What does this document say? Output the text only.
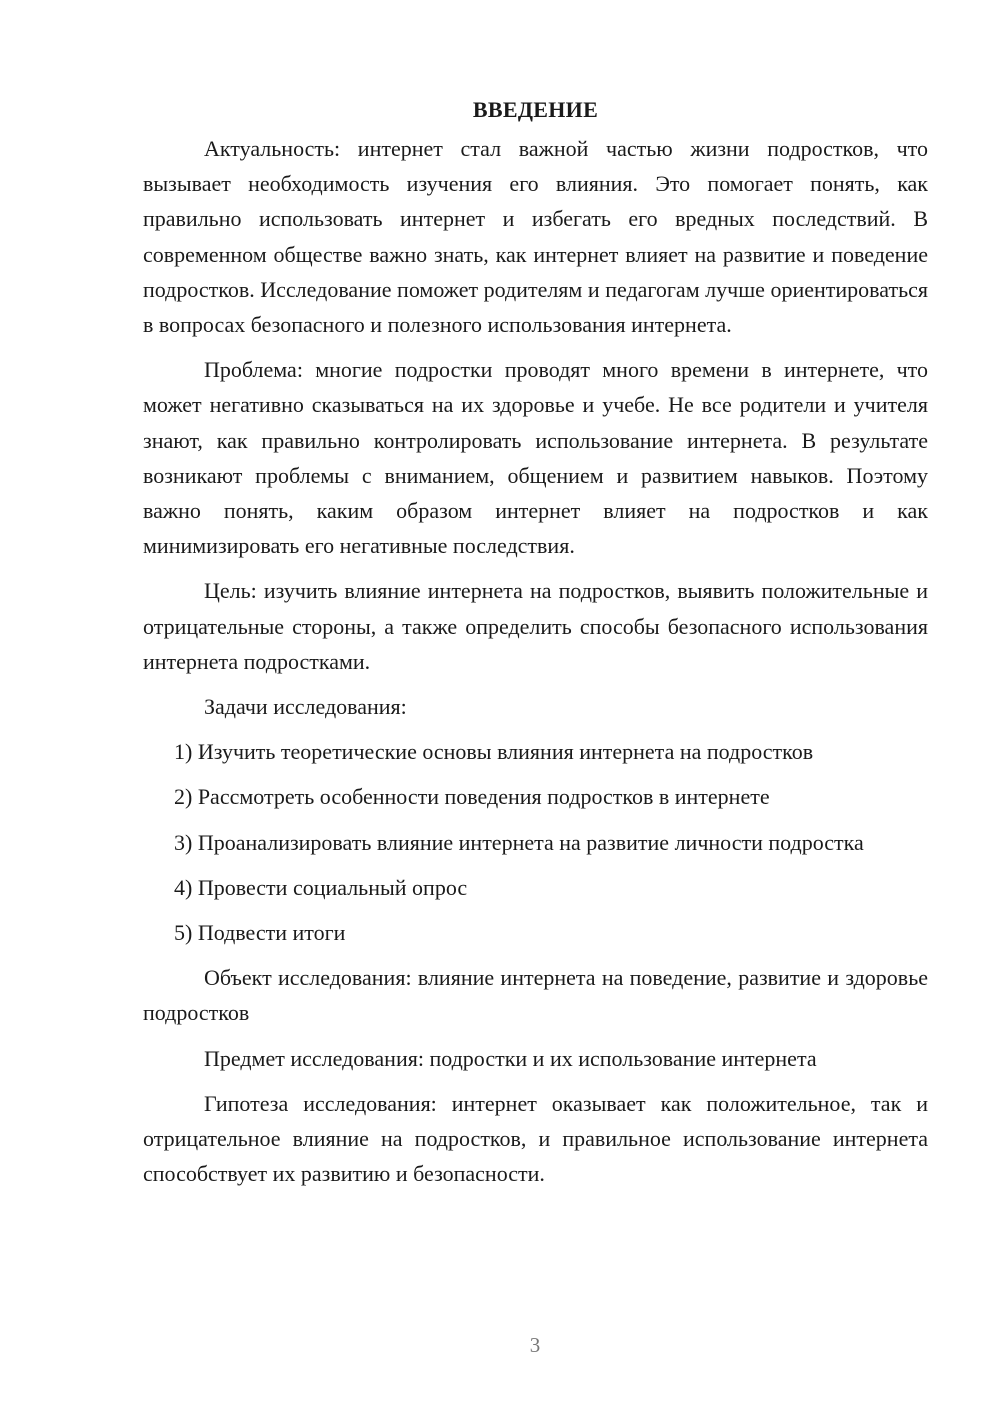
ВВЕДЕНИЕ

Актуальность: интернет стал важной частью жизни подростков, что вызывает необходимость изучения его влияния. Это помогает понять, как правильно использовать интернет и избегать его вредных последствий. В современном обществе важно знать, как интернет влияет на развитие и поведение подростков. Исследование поможет родителям и педагогам лучше ориентироваться в вопросах безопасного и полезного использования интернета.

Проблема: многие подростки проводят много времени в интернете, что может негативно сказываться на их здоровье и учебе. Не все родители и учителя знают, как правильно контролировать использование интернета. В результате возникают проблемы с вниманием, общением и развитием навыков. Поэтому важно понять, каким образом интернет влияет на подростков и как минимизировать его негативные последствия.

Цель: изучить влияние интернета на подростков, выявить положительные и отрицательные стороны, а также определить способы безопасного использования интернета подростками.

Задачи исследования:

1) Изучить теоретические основы влияния интернета на подростков

2) Рассмотреть особенности поведения подростков в интернете

3) Проанализировать влияние интернета на развитие личности подростка

4) Провести социальный опрос

5) Подвести итоги

Объект исследования: влияние интернета на поведение, развитие и здоровье подростков

Предмет исследования: подростки и их использование интернета

Гипотеза исследования: интернет оказывает как положительное, так и отрицательное влияние на подростков, и правильное использование интернета способствует их развитию и безопасности.

3
